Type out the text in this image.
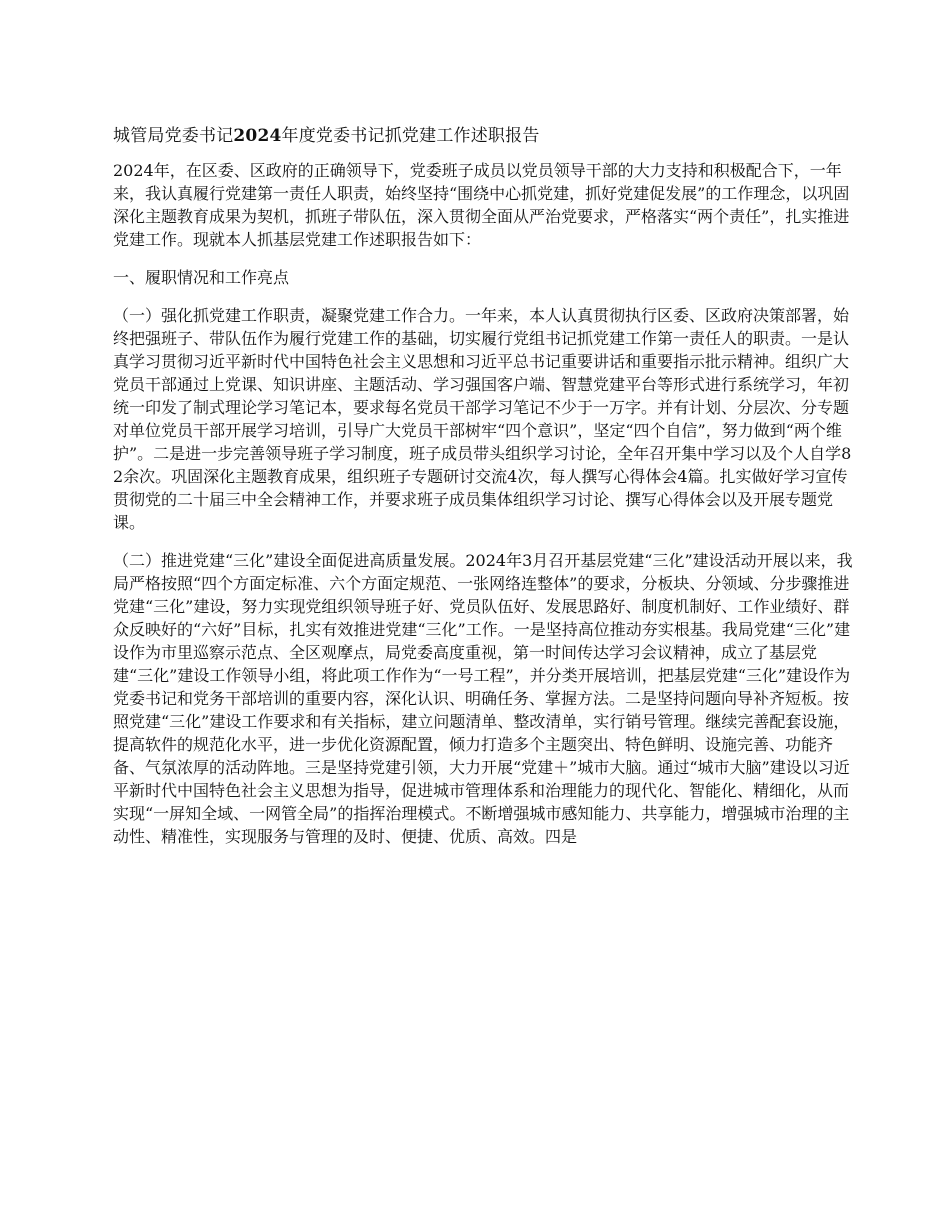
城管局党委书记2024年度党委书记抓党建工作述职报告

2024年，在区委、区政府的正确领导下，党委班子成员以党员领导干部的大力支持和积极配合下，一年来，我认真履行党建第一责任人职责，始终坚持“围绕中心抓党建，抓好党建促发展”的工作理念，以巩固深化主题教育成果为契机，抓班子带队伍，深入贯彻全面从严治党要求，严格落实“两个责任”，扎实推进党建工作。现就本人抓基层党建工作述职报告如下：

一、履职情况和工作亮点

（一）强化抓党建工作职责，凝聚党建工作合力。一年来，本人认真贯彻执行区委、区政府决策部署，始终把强班子、带队伍作为履行党建工作的基础，切实履行党组书记抓党建工作第一责任人的职责。一是认真学习贯彻习近平新时代中国特色社会主义思想和习近平总书记重要讲话和重要指示批示精神。组织广大党员干部通过上党课、知识讲座、主题活动、学习强国客户端、智慧党建平台等形式进行系统学习，年初统一印发了制式理论学习笔记本，要求每名党员干部学习笔记不少于一万字。并有计划、分层次、分专题对单位党员干部开展学习培训，引导广大党员干部树牢“四个意识”，坚定“四个自信”，努力做到“两个维护”。二是进一步完善领导班子学习制度，班子成员带头组织学习讨论，全年召开集中学习以及个人自学82余次。巩固深化主题教育成果，组织班子专题研讨交流4次，每人撰写心得体会4篇。扎实做好学习宣传贯彻党的二十届三中全会精神工作，并要求班子成员集体组织学习讨论、撰写心得体会以及开展专题党课。

（二）推进党建“三化”建设全面促进高质量发展。2024年3月召开基层党建“三化”建设活动开展以来，我局严格按照“四个方面定标准、六个方面定规范、一张网络连整体”的要求，分板块、分领域、分步骤推进党建“三化”建设，努力实现党组织领导班子好、党员队伍好、发展思路好、制度机制好、工作业绩好、群众反映好的“六好”目标，扎实有效推进党建“三化”工作。一是坚持高位推动夯实根基。我局党建“三化”建设作为市里巡察示范点、全区观摩点，局党委高度重视，第一时间传达学习会议精神，成立了基层党建“三化”建设工作领导小组，将此项工作作为“一号工程”，并分类开展培训，把基层党建“三化”建设作为党委书记和党务干部培训的重要内容，深化认识、明确任务、掌握方法。二是坚持问题向导补齐短板。按照党建“三化”建设工作要求和有关指标，建立问题清单、整改清单，实行销号管理。继续完善配套设施，提高软件的规范化水平，进一步优化资源配置，倾力打造多个主题突出、特色鲜明、设施完善、功能齐备、气氛浓厚的活动阵地。三是坚持党建引领，大力开展“党建＋”城市大脑。通过“城市大脑”建设以习近平新时代中国特色社会主义思想为指导，促进城市管理体系和治理能力的现代化、智能化、精细化，从而实现“一屏知全域、一网管全局”的指挥治理模式。不断增强城市感知能力、共享能力，增强城市治理的主动性、精准性，实现服务与管理的及时、便捷、优质、高效。四是
